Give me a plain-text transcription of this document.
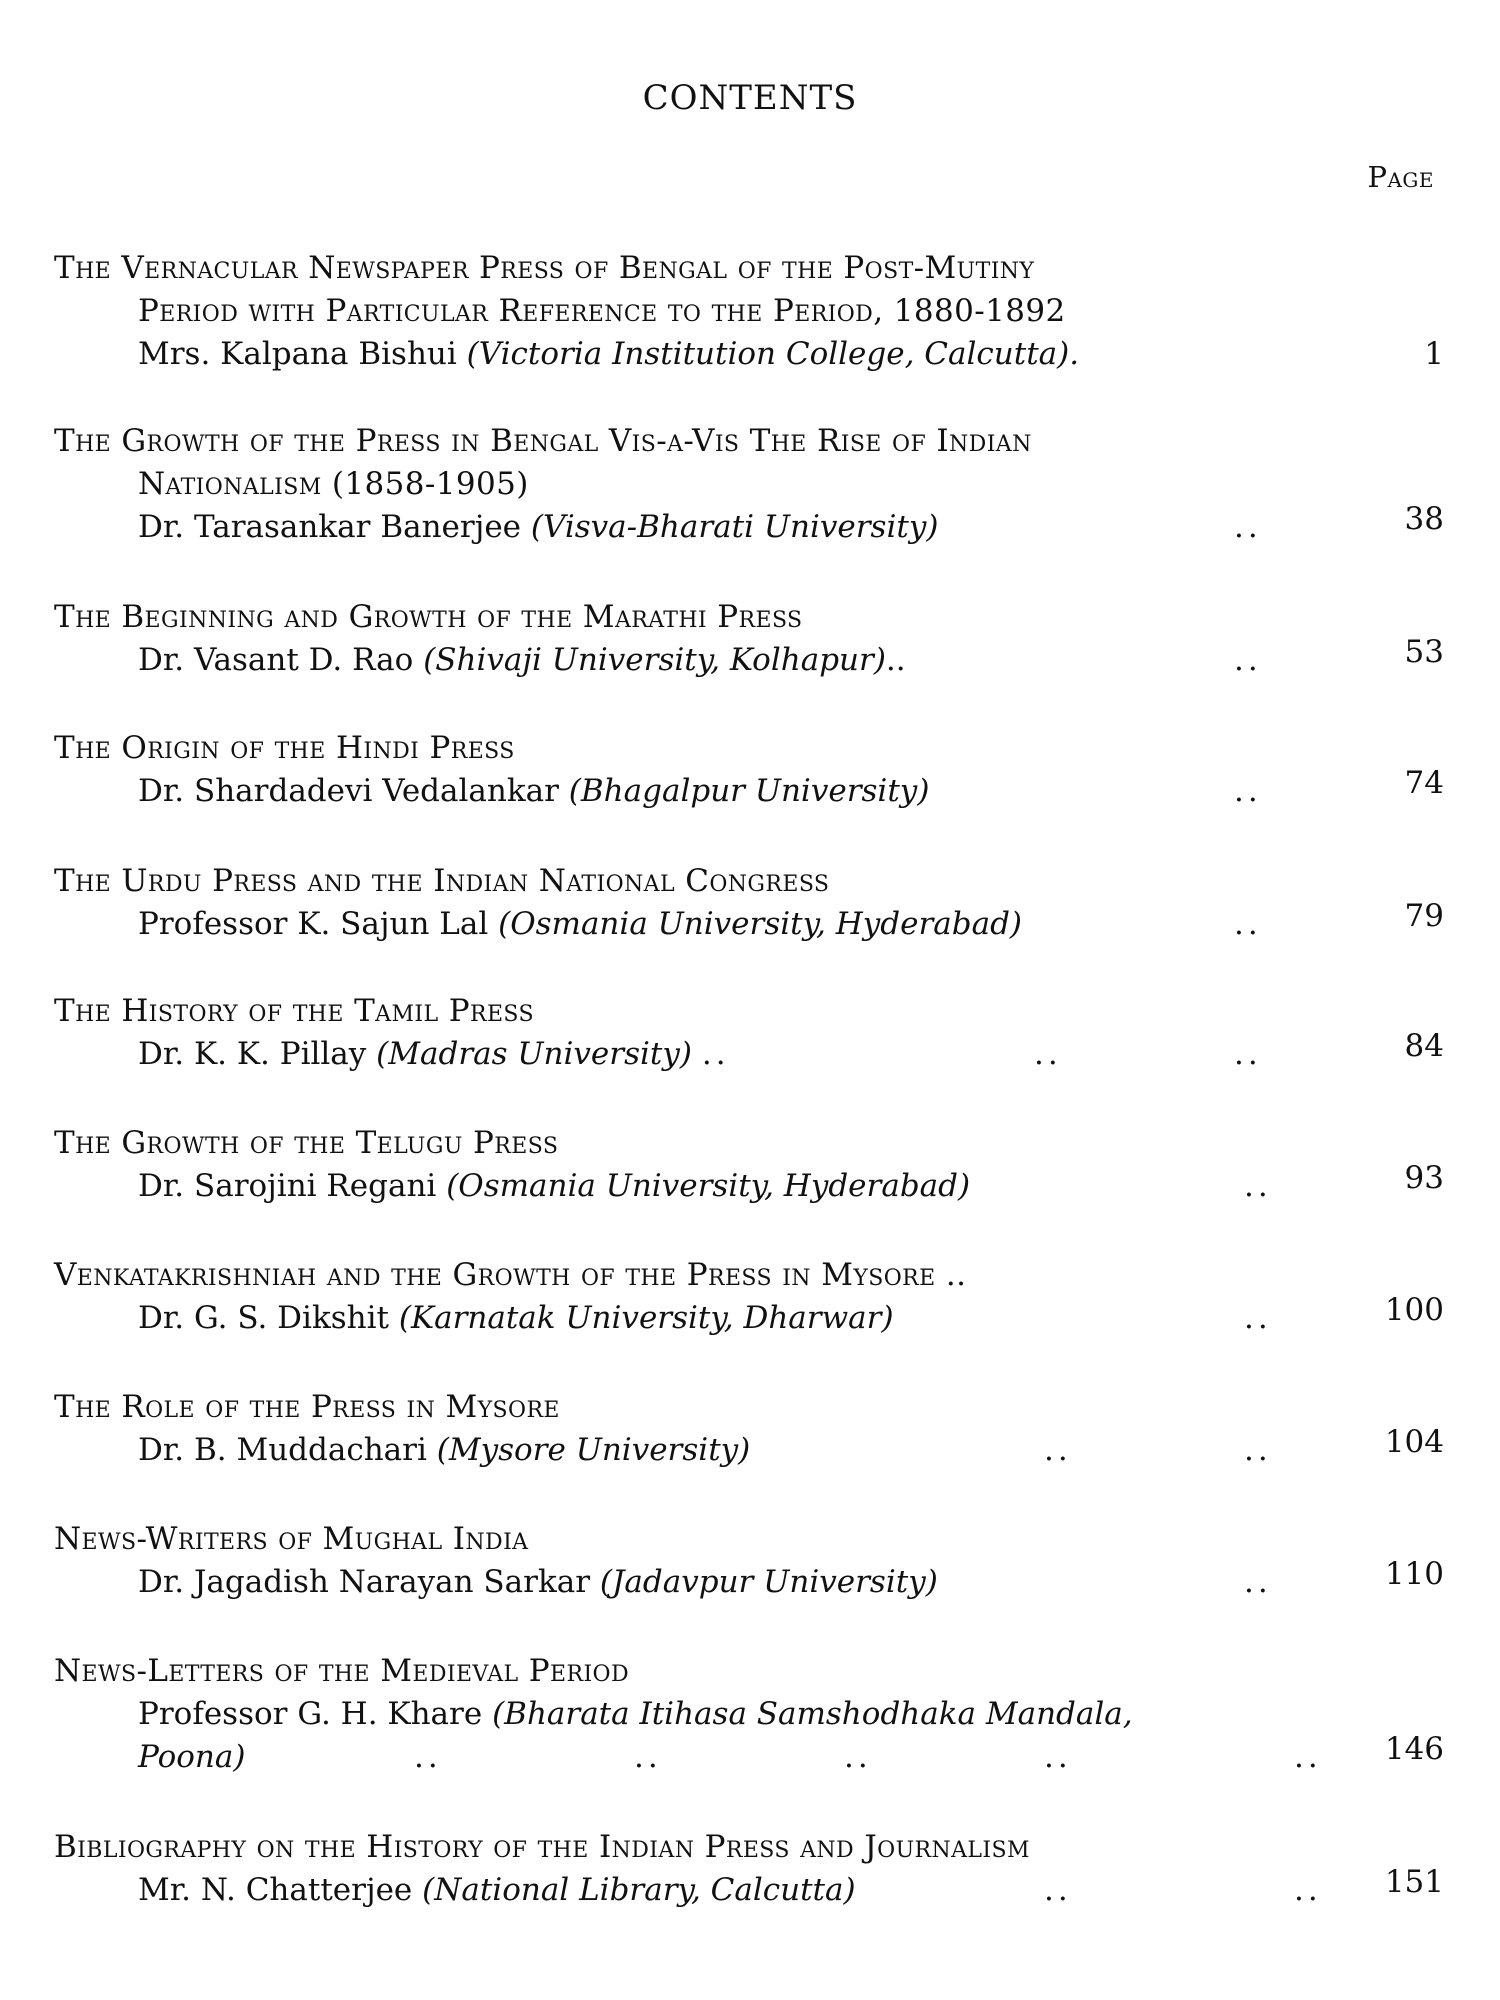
CONTENTS
Page
The Vernacular Newspaper Press of Bengal of the Post-Mutiny
Period with Particular Reference to the Period, 1880-1892
Mrs. Kalpana Bishui (Victoria Institution College, Calcutta).	1
The Growth of the Press in Bengal Vis-a-Vis The Rise of Indian
Nationalism (1858-1905)
Dr. Tarasankar Banerjee (Visva-Bharati University)	..	38
The Beginning and Growth of the Marathi Press
Dr. Vasant D. Rao (Shivaji University, Kolhapur)..	..	53
The Origin of the Hindi Press
Dr. Shardadevi Vedalankar (Bhagalpur University)	..	74
The Urdu Press and the Indian National Congress
Professor K. Sajun Lal (Osmania University, Hyderabad)	..	79
The History of the Tamil Press
Dr. K. K. Pillay (Madras University) ..	..	..	84
The Growth of the Telugu Press
Dr. Sarojini Regani (Osmania University, Hyderabad)	..	93
Venkatakrishniah and the Growth of the Press in Mysore ..
Dr. G. S. Dikshit (Karnatak University, Dharwar)	..	100
The Role of the Press in Mysore
Dr. B. Muddachari (Mysore University)	..	..	104
News-Writers of Mughal India
Dr. Jagadish Narayan Sarkar (Jadavpur University)	..	110
News-Letters of the Medieval Period
Professor G. H. Khare (Bharata Itihasa Samshodhaka Mandala,
Poona)	..	..	..	..	..	146
Bibliography on the History of the Indian Press and Journalism
Mr. N. Chatterjee (National Library, Calcutta)	..	..	151
